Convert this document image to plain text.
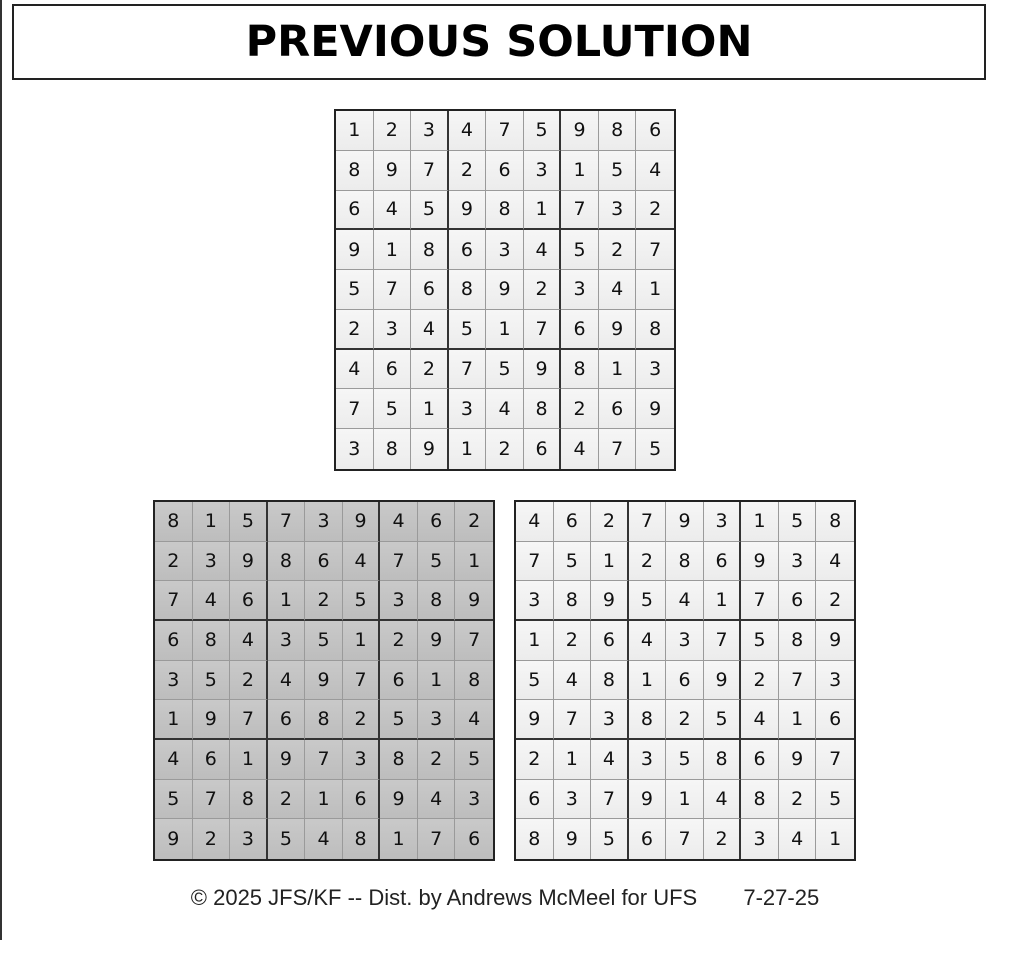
PREVIOUS SOLUTION
1	2	3	4	7	5	9	8	6
8	9	7	2	6	3	1	5	4
6	4	5	9	8	1	7	3	2
9	1	8	6	3	4	5	2	7
5	7	6	8	9	2	3	4	1
2	3	4	5	1	7	6	9	8
4	6	2	7	5	9	8	1	3
7	5	1	3	4	8	2	6	9
3	8	9	1	2	6	4	7	5
8	1	5	7	3	9	4	6	2
2	3	9	8	6	4	7	5	1
7	4	6	1	2	5	3	8	9
6	8	4	3	5	1	2	9	7
3	5	2	4	9	7	6	1	8
1	9	7	6	8	2	5	3	4
4	6	1	9	7	3	8	2	5
5	7	8	2	1	6	9	4	3
9	2	3	5	4	8	1	7	6
4	6	2	7	9	3	1	5	8
7	5	1	2	8	6	9	3	4
3	8	9	5	4	1	7	6	2
1	2	6	4	3	7	5	8	9
5	4	8	1	6	9	2	7	3
9	7	3	8	2	5	4	1	6
2	1	4	3	5	8	6	9	7
6	3	7	9	1	4	8	2	5
8	9	5	6	7	2	3	4	1
© 2025 JFS/KF -- Dist. by Andrews McMeel for UFS 7-27-25
